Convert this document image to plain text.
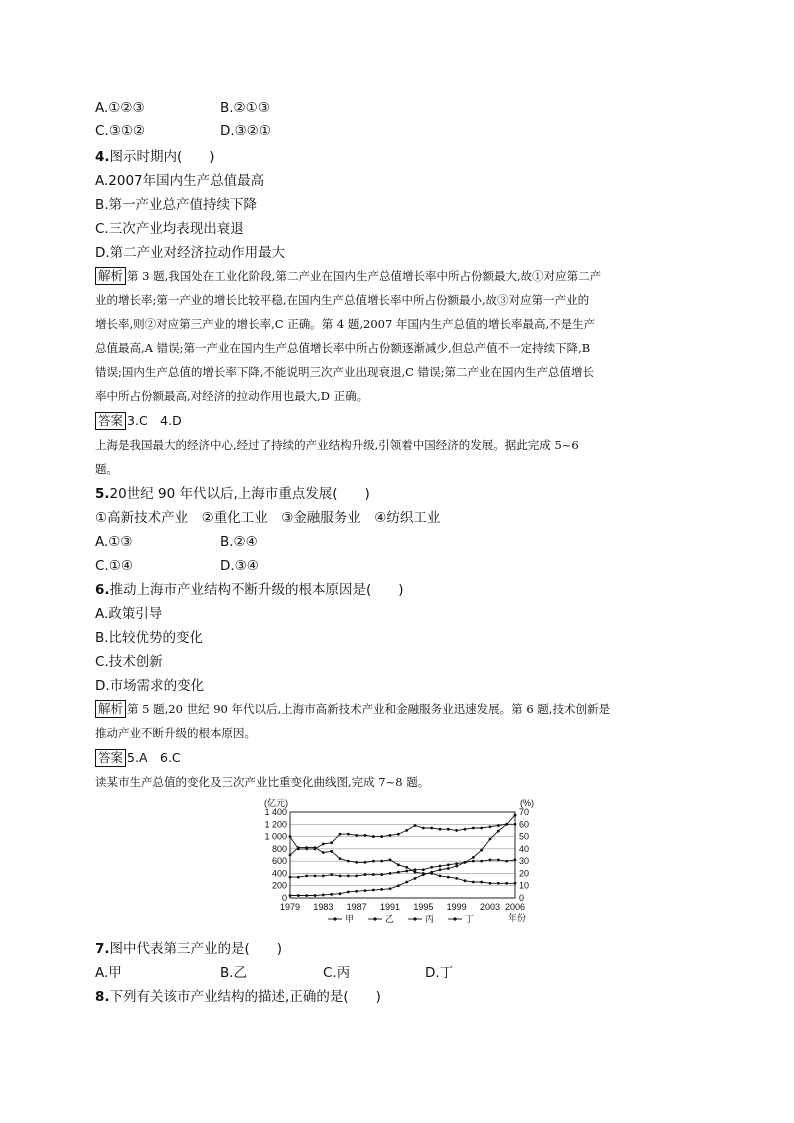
A.①②③	B.②①③
C.③①②	D.③②①
4.图示时期内(　　)
A.2007年国内生产总值最高
B.第一产业总产值持续下降
C.三次产业均表现出衰退
D.第二产业对经济拉动作用最大
解析 第 3 题,我国处在工业化阶段,第二产业在国内生产总值增长率中所占份额最大,故①对应第二产
业的增长率;第一产业的增长比较平稳,在国内生产总值增长率中所占份额最小,故③对应第一产业的
增长率,则②对应第三产业的增长率,C 正确。第 4 题,2007 年国内生产总值的增长率最高,不是生产
总值最高,A 错误;第一产业在国内生产总值增长率中所占份额逐渐减少,但总产值不一定持续下降,B
错误;国内生产总值的增长率下降,不能说明三次产业出现衰退,C 错误;第二产业在国内生产总值增长
率中所占份额最高,对经济的拉动作用也最大,D 正确。
答案 3.C　4.D
上海是我国最大的经济中心,经过了持续的产业结构升级,引领着中国经济的发展。据此完成 5~6
题。
5.20世纪 90 年代以后,上海市重点发展(　　)
①高新技术产业　②重化工业　③金融服务业　④纺织工业
A.①③	B.②④
C.①④	D.③④
6.推动上海市产业结构不断升级的根本原因是(　　)
A.政策引导
B.比较优势的变化
C.技术创新
D.市场需求的变化
解析 第 5 题,20 世纪 90 年代以后,上海市高新技术产业和金融服务业迅速发展。第 6 题,技术创新是
推动产业不断升级的根本原因。
答案 5.A　6.C
读某市生产总值的变化及三次产业比重变化曲线图,完成 7~8 题。
0
200
400
600
800
1 000
1 200
1 400
0
10
20
30
40
50
60
70
(亿元)	(%)
1979 1983 1987 1991 1995 1999 2003 2006
年份
甲	乙	丙	丁
7.图中代表第三产业的是(　　)
A.甲	B.乙	C.丙	D.丁
8.下列有关该市产业结构的描述,正确的是(　　)
